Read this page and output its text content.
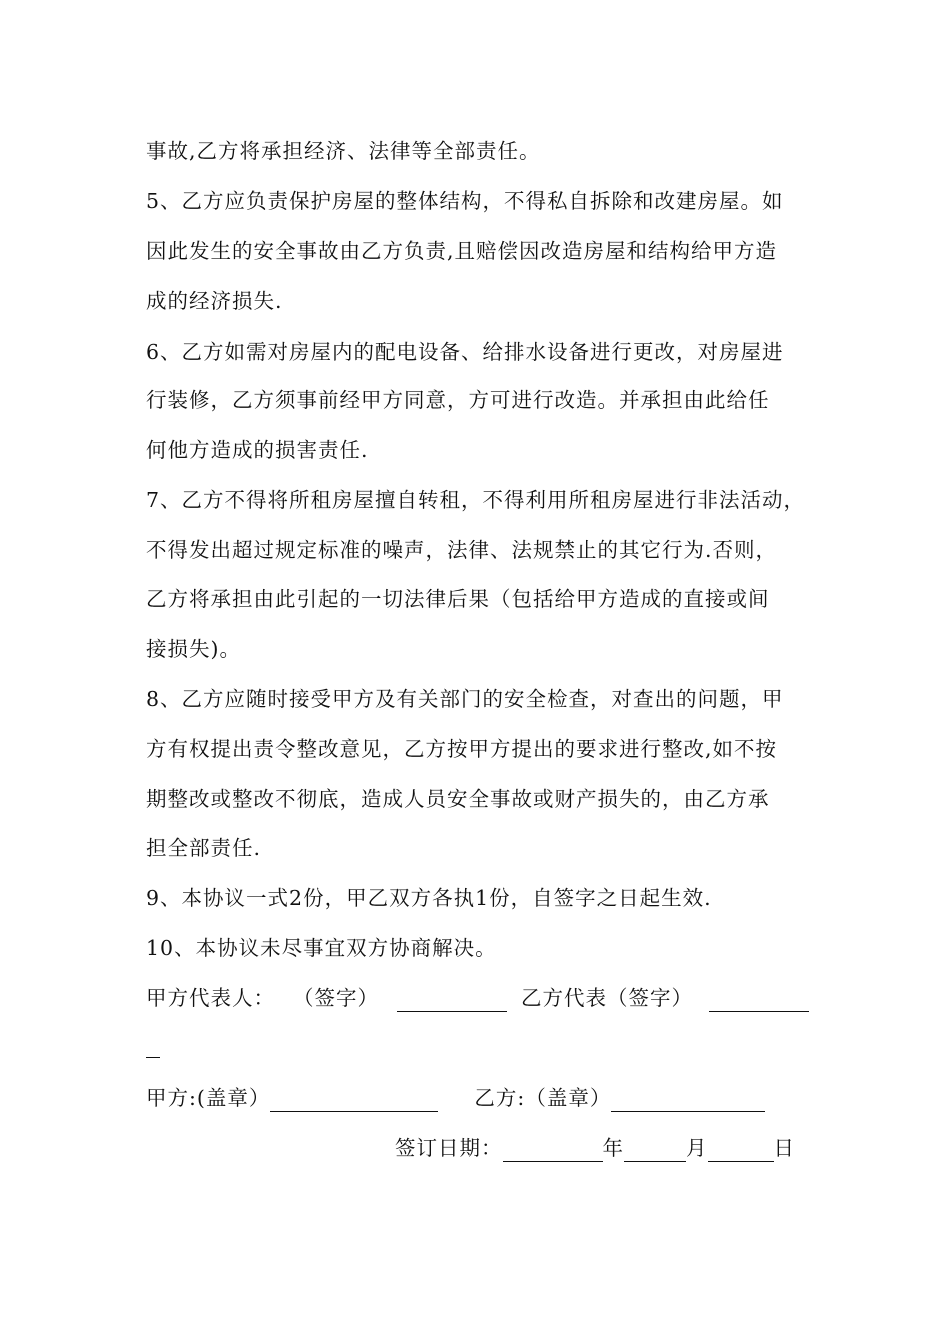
事故,乙方将承担经济、法律等全部责任。
5、乙方应负责保护房屋的整体结构，不得私自拆除和改建房屋。如
因此发生的安全事故由乙方负责,且赔偿因改造房屋和结构给甲方造
成的经济损失.
6、乙方如需对房屋内的配电设备、给排水设备进行更改，对房屋进
行装修，乙方须事前经甲方同意，方可进行改造。并承担由此给任
何他方造成的损害责任.
7、乙方不得将所租房屋擅自转租，不得利用所租房屋进行非法活动，
不得发出超过规定标准的噪声，法律、法规禁止的其它行为.否则，
乙方将承担由此引起的一切法律后果（包括给甲方造成的直接或间
接损失)。
8、乙方应随时接受甲方及有关部门的安全检查，对查出的问题，甲
方有权提出责令整改意见，乙方按甲方提出的要求进行整改,如不按
期整改或整改不彻底，造成人员安全事故或财产损失的，由乙方承
担全部责任.
9、本协议一式2份，甲乙双方各执1份，自签字之日起生效.
10、本协议未尽事宜双方协商解决。
甲方代表人： （签字）	乙方代表（签字）
甲方:(盖章）	乙方:（盖章）
签订日期：	年	月	日
